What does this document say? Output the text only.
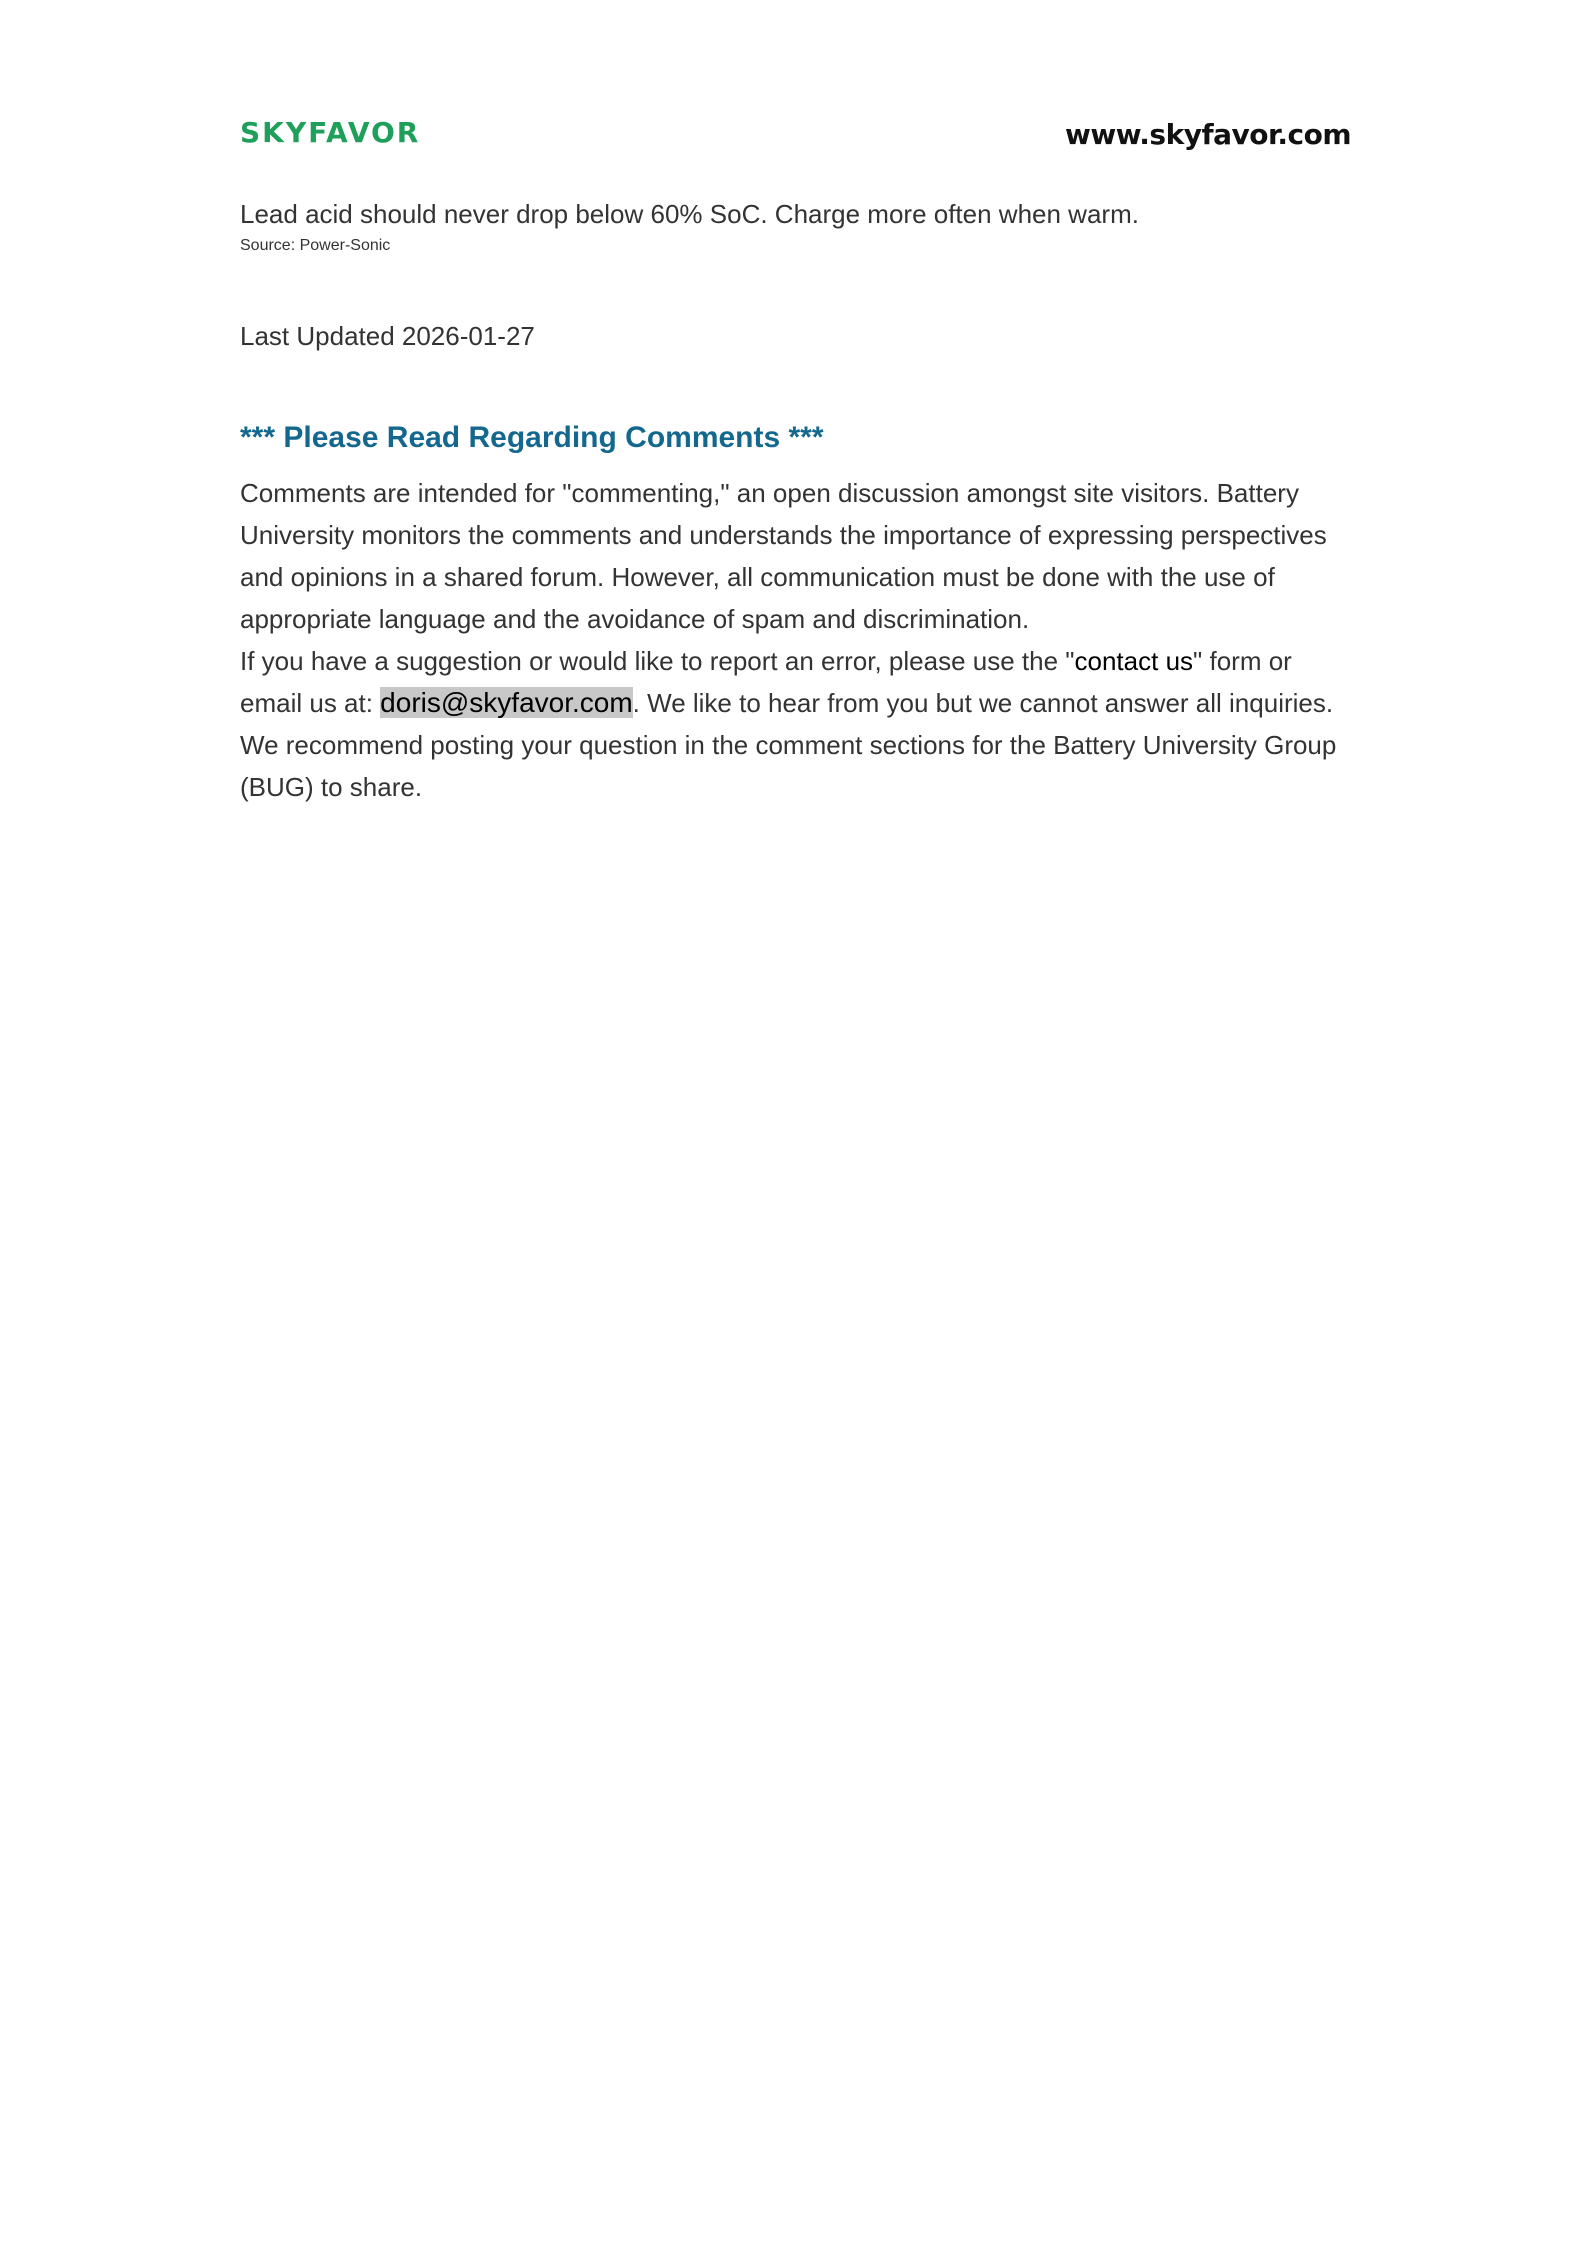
SKYFAVOR	www.skyfavor.com

Lead acid should never drop below 60% SoC. Charge more often when warm.

Source: Power-Sonic

Last Updated 2026-01-27

*** Please Read Regarding Comments ***
Comments are intended for "commenting," an open discussion amongst site visitors. Battery University monitors the comments and understands the importance of expressing perspectives and opinions in a shared forum. However, all communication must be done with the use of appropriate language and the avoidance of spam and discrimination.
If you have a suggestion or would like to report an error, please use the "contact us" form or email us at: doris@skyfavor.com. We like to hear from you but we cannot answer all inquiries. We recommend posting your question in the comment sections for the Battery University Group (BUG) to share.
